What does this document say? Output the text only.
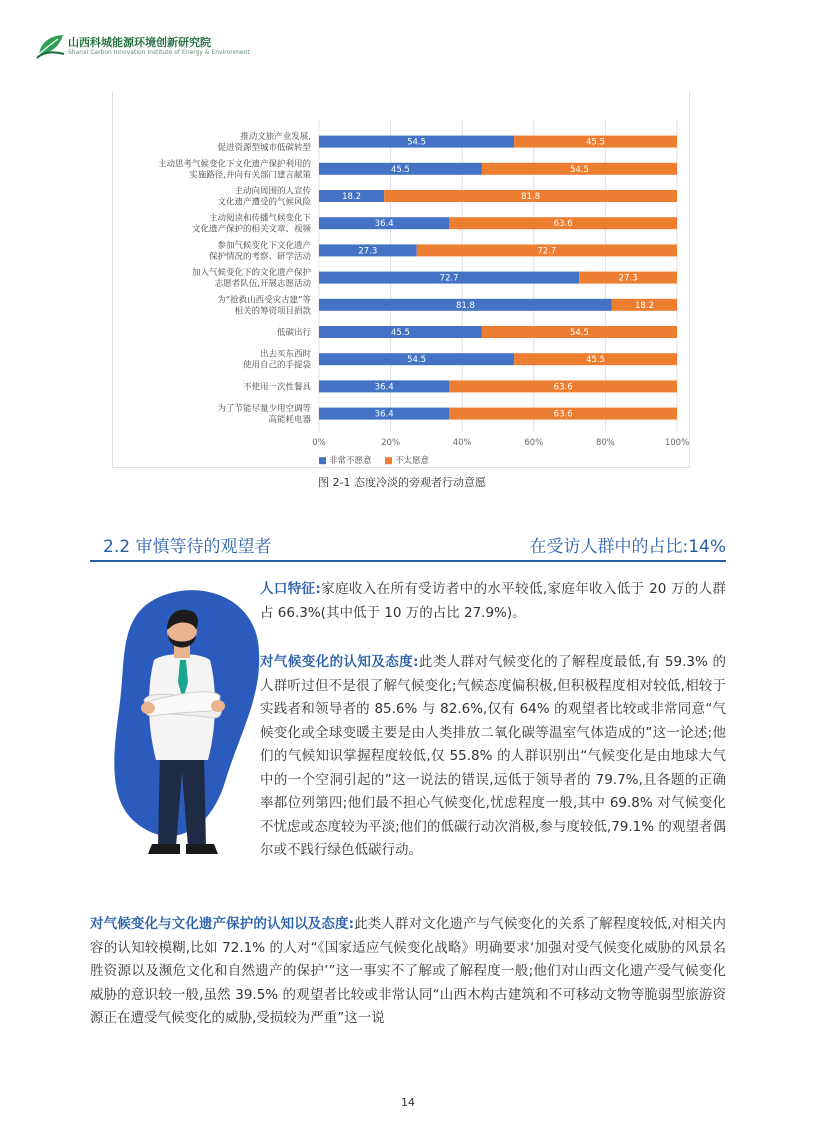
山西科城能源环境创新研究院
Shanxi Carbon Innovation Institute of Energy & Environment
0%	20%	40%	60%	80%	100%
54.5	45.5
推动文旅产业发展,
促进资源型城市低碳转型
45.5	54.5
主动思考气候变化下文化遗产保护利用的
实施路径,并向有关部门建言献策
18.2	81.8
主动向周围的人宣传
文化遗产遭受的气候风险
36.4	63.6
主动阅读和传播气候变化下
文化遗产保护的相关文章、视频
27.3	72.7
参加气候变化下文化遗产
保护情况的考察、研学活动
72.7	27.3
加入气候变化下的文化遗产保护
志愿者队伍,开展志愿活动
81.8	18.2
为“抢救山西受灾古建”等
相关的筹资项目捐款
45.5	54.5
低碳出行
54.5	45.5
出去买东西时
使用自己的手提袋
36.4	63.6
不使用一次性餐具
36.4	63.6
为了节能尽量少用空调等
高能耗电器
非常不愿意	不太愿意
图 2-1 态度冷淡的旁观者行动意愿
2.2 审慎等待的观望者	在受访人群中的占比:14%
人口特征:家庭收入在所有受访者中的水平较低,家庭年收入低于 20 万的人群占 66.3%(其中低于 10 万的占比 27.9%)。
对气候变化的认知及态度:此类人群对气候变化的了解程度最低,有 59.3% 的人群听过但不是很了解气候变化;气候态度偏积极,但积极程度相对较低,相较于实践者和领导者的 85.6% 与 82.6%,仅有 64% 的观望者比较或非常同意“气候变化或全球变暖主要是由人类排放二氧化碳等温室气体造成的”这一论述;他们的气候知识掌握程度较低,仅 55.8% 的人群识别出“气候变化是由地球大气中的一个空洞引起的”这一说法的错误,远低于领导者的 79.7%,且各题的正确率都位列第四;他们最不担心气候变化,忧虑程度一般,其中 69.8% 对气候变化不忧虑或态度较为平淡;他们的低碳行动次消极,参与度较低,79.1% 的观望者偶尔或不践行绿色低碳行动。
对气候变化与文化遗产保护的认知以及态度:此类人群对文化遗产与气候变化的关系了解程度较低,对相关内容的认知较模糊,比如 72.1% 的人对“《国家适应气候变化战略》明确要求‘加强对受气候变化威胁的风景名胜资源以及濒危文化和自然遗产的保护’”这一事实不了解或了解程度一般;他们对山西文化遗产受气候变化威胁的意识较一般,虽然 39.5% 的观望者比较或非常认同“山西木构古建筑和不可移动文物等脆弱型旅游资源正在遭受气候变化的威胁,受损较为严重”这一说
14
